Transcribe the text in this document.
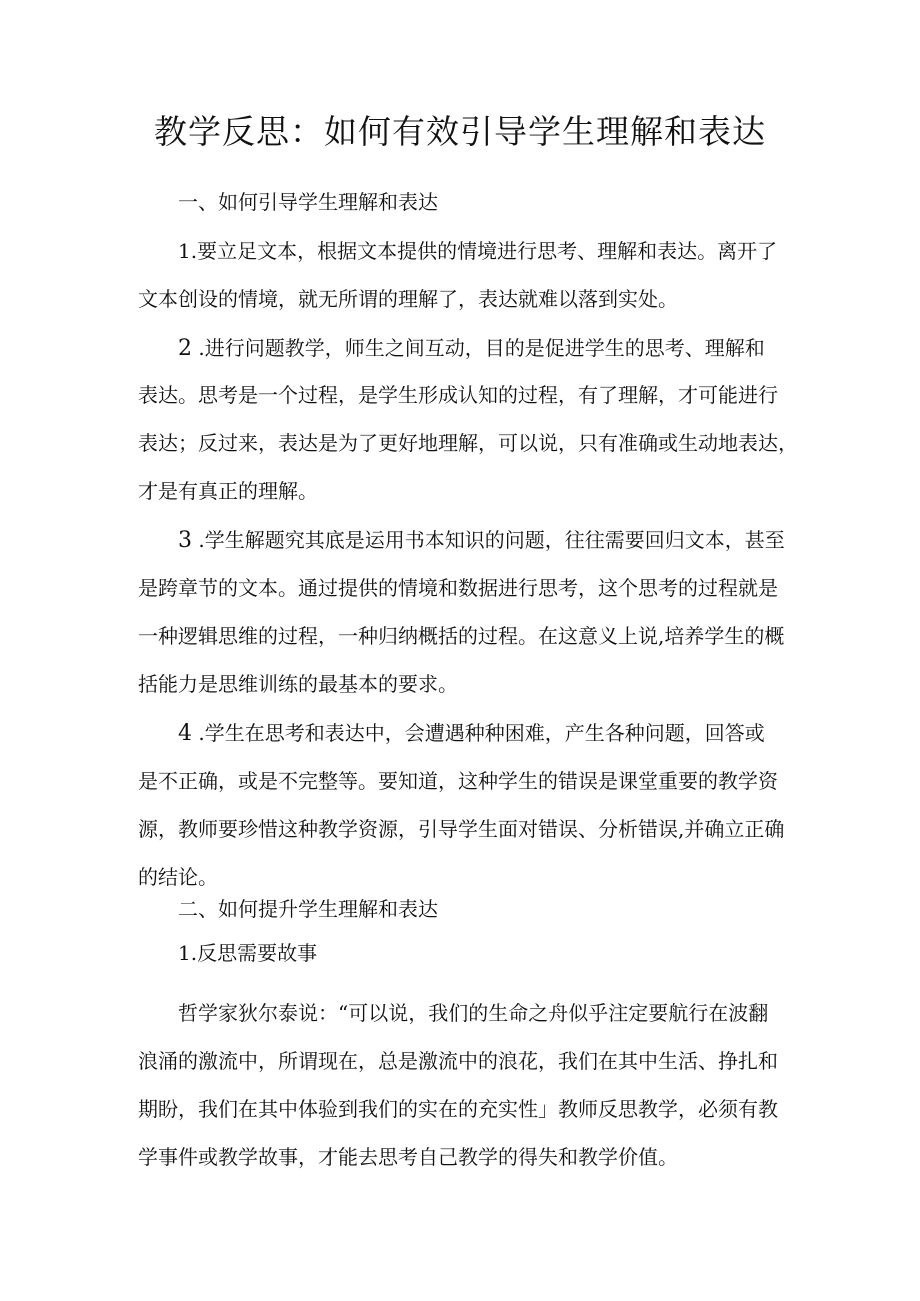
教学反思：如何有效引导学生理解和表达

一、如何引导学生理解和表达

1.要立足文本，根据文本提供的情境进行思考、理解和表达。离开了

文本创设的情境，就无所谓的理解了，表达就难以落到实处。

2 .进行问题教学，师生之间互动，目的是促进学生的思考、理解和

表达。思考是一个过程，是学生形成认知的过程，有了理解，才可能进行

表达；反过来，表达是为了更好地理解，可以说，只有准确或生动地表达，

才是有真正的理解。

3 .学生解题究其底是运用书本知识的问题，往往需要回归文本，甚至

是跨章节的文本。通过提供的情境和数据进行思考，这个思考的过程就是

一种逻辑思维的过程，一种归纳概括的过程。在这意义上说,培养学生的概

括能力是思维训练的最基本的要求。

4 .学生在思考和表达中，会遭遇种种困难，产生各种问题，回答或

是不正确，或是不完整等。要知道，这种学生的错误是课堂重要的教学资

源，教师要珍惜这种教学资源，引导学生面对错误、分析错误,并确立正确

的结论。

二、如何提升学生理解和表达

1.反思需要故事

哲学家狄尔泰说：“可以说，我们的生命之舟似乎注定要航行在波翻

浪涌的激流中，所谓现在，总是激流中的浪花，我们在其中生活、挣扎和

期盼，我们在其中体验到我们的实在的充实性」教师反思教学，必须有教

学事件或教学故事，才能去思考自己教学的得失和教学价值。
